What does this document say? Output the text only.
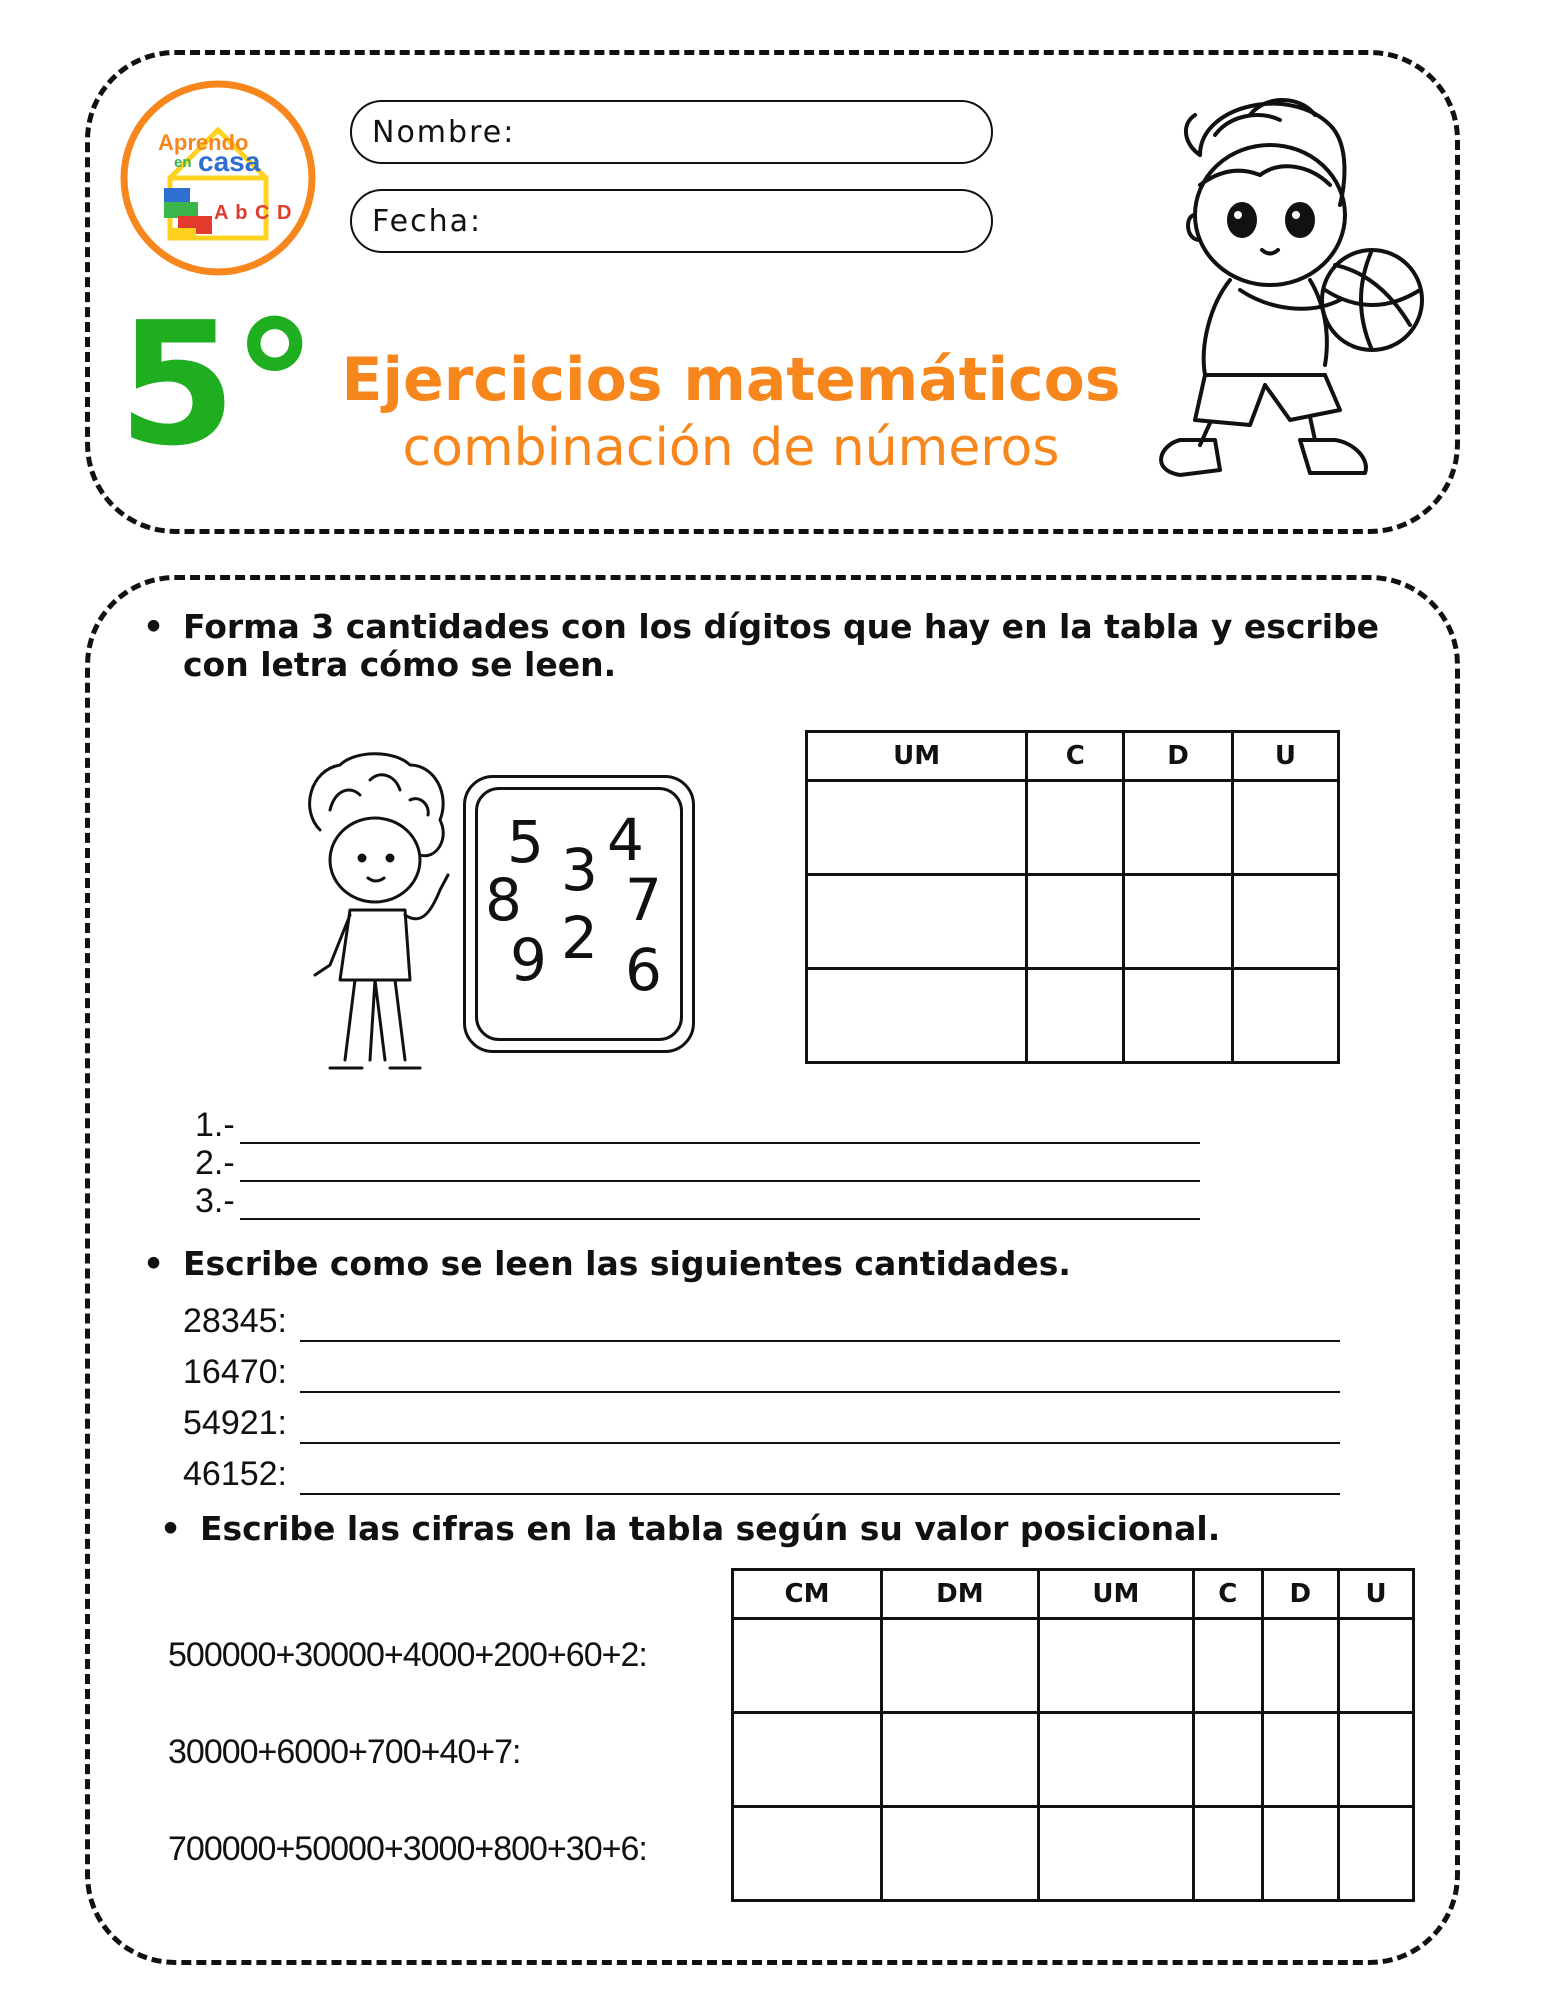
Aprendo
en casa
A b C D
Nombre:
Fecha:
5° Ejercicios matemáticos
combinación de números
• Forma 3 cantidades con los dígitos que hay en la tabla y escribe
con letra cómo se leen.
5 3 4
8 7
9 2 6
UM	C	D	U

1.-
2.-
3.-
• Escribe como se leen las siguientes cantidades.
28345:
16470:
54921:
46152:
• Escribe las cifras en la tabla según su valor posicional.
CM	DM	UM	C	D	U

500000+30000+4000+200+60+2:
30000+6000+700+40+7:
700000+50000+3000+800+30+6:
